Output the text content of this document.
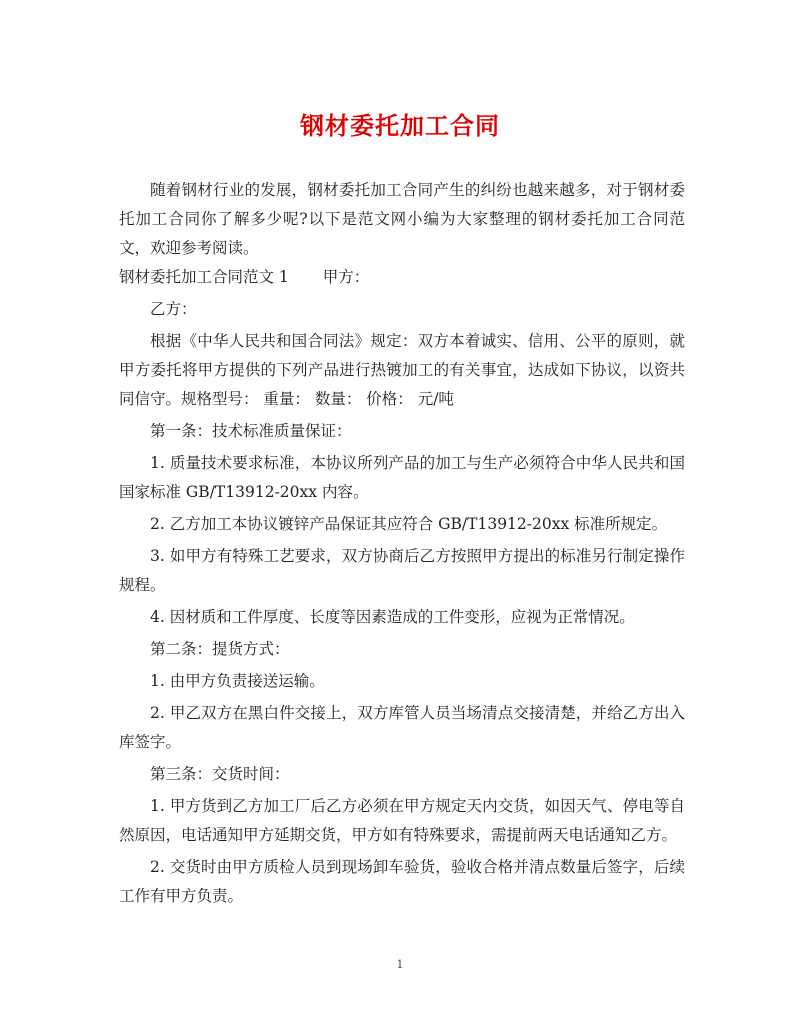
钢材委托加工合同

随着钢材行业的发展，钢材委托加工合同产生的纠纷也越来越多，对于钢材委托加工合同你了解多少呢?以下是范文网小编为大家整理的钢材委托加工合同范文，欢迎参考阅读。

钢材委托加工合同范文 1 甲方：

乙方：

根据《中华人民共和国合同法》规定：双方本着诚实、信用、公平的原则，就甲方委托将甲方提供的下列产品进行热镀加工的有关事宜，达成如下协议，以资共同信守。规格型号： 重量： 数量： 价格： 元/吨

第一条：技术标准质量保证：

1. 质量技术要求标准，本协议所列产品的加工与生产必须符合中华人民共和国国家标准 GB/T13912-20xx 内容。

2. 乙方加工本协议镀锌产品保证其应符合 GB/T13912-20xx 标准所规定。

3. 如甲方有特殊工艺要求，双方协商后乙方按照甲方提出的标准另行制定操作规程。

4. 因材质和工件厚度、长度等因素造成的工件变形，应视为正常情况。

第二条：提货方式：

1. 由甲方负责接送运输。

2. 甲乙双方在黑白件交接上，双方库管人员当场清点交接清楚，并给乙方出入库签字。

第三条：交货时间：

1. 甲方货到乙方加工厂后乙方必须在甲方规定天内交货，如因天气、停电等自然原因，电话通知甲方延期交货，甲方如有特殊要求，需提前两天电话通知乙方。

2. 交货时由甲方质检人员到现场卸车验货，验收合格并清点数量后签字，后续工作有甲方负责。

1
